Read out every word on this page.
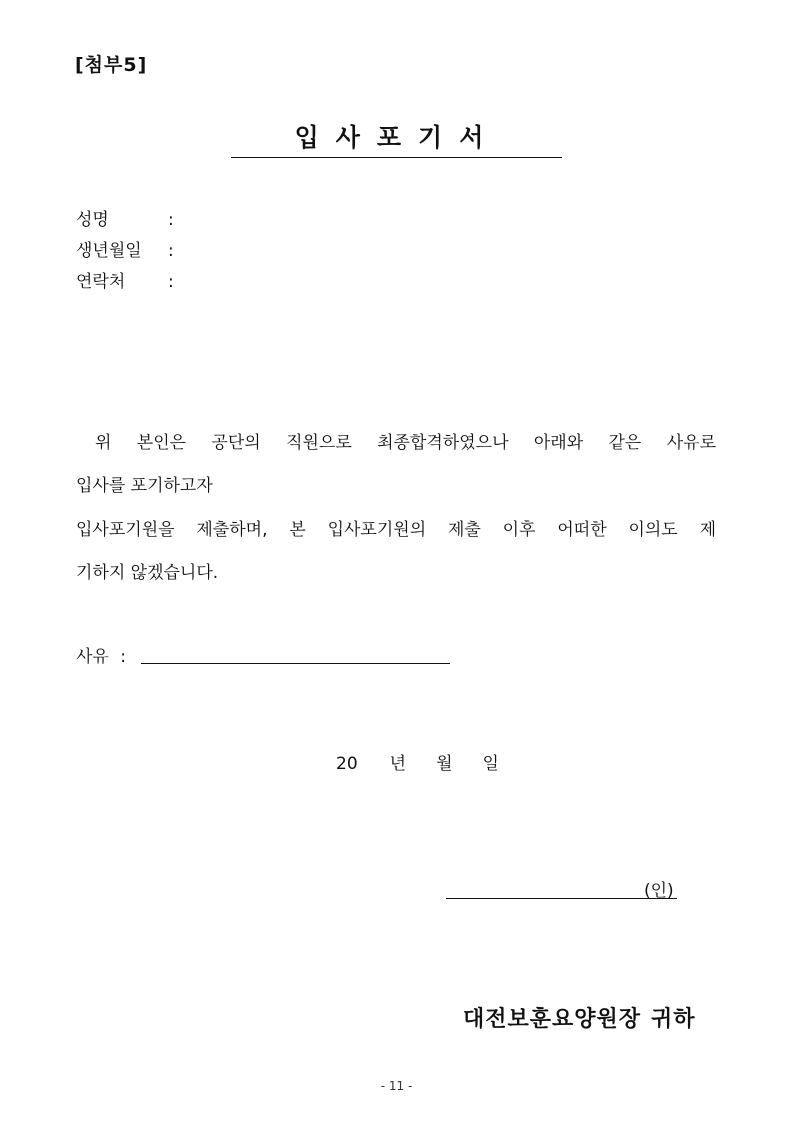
[첨부5]
입사포기서
성명	:
생년월일 :
연락처	:
위 본인은 공단의 직원으로 최종합격하였으나 아래와 같은 사유로
입사를 포기하고자
입사포기원을 제출하며, 본 입사포기원의 제출 이후 어떠한 이의도 제
기하지 않겠습니다.
사유 :
20 년 월 일
(인)
대전보훈요양원장 귀하
- 11 -
